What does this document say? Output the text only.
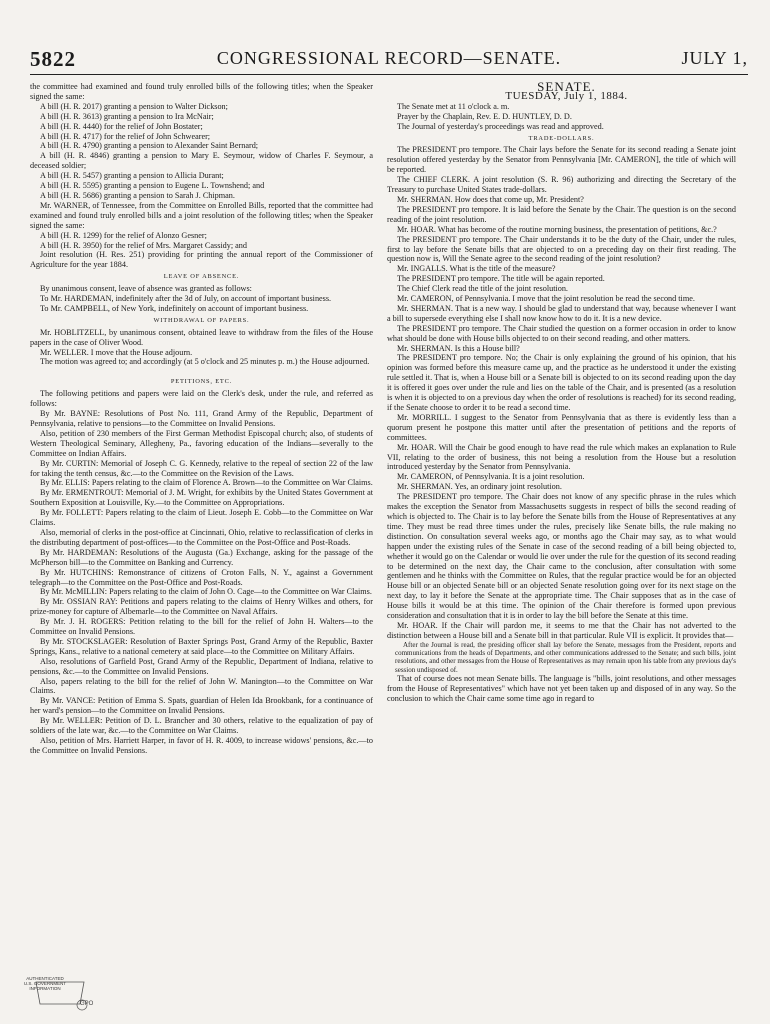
5822	CONGRESSIONAL RECORD—SENATE.	JULY 1,

the committee had examined and found truly enrolled bills of the following titles; when the Speaker signed the same:

A bill (H. R. 2017) granting a pension to Walter Dickson;

A bill (H. R. 3613) granting a pension to Ira McNair;

A bill (H. R. 4440) for the relief of John Bostater;

A bill (H. R. 4717) for the relief of John Schwearer;

A bill (H. R. 4790) granting a pension to Alexander Saint Bernard;

A bill (H. R. 4846) granting a pension to Mary E. Seymour, widow of Charles F. Seymour, a deceased soldier;

A bill (H. R. 5457) granting a pension to Allicia Durant;

A bill (H. R. 5595) granting a pension to Eugene L. Townshend; and

A bill (H. R. 5686) granting a pension to Sarah J. Chipman.

Mr. WARNER, of Tennessee, from the Committee on Enrolled Bills, reported that the committee had examined and found truly enrolled bills and a joint resolution of the following titles; when the Speaker signed the same:

A bill (H. R. 1299) for the relief of Alonzo Gesner;

A bill (H. R. 3950) for the relief of Mrs. Margaret Cassidy; and

Joint resolution (H. Res. 251) providing for printing the annual report of the Commissioner of Agriculture for the year 1884.

LEAVE OF ABSENCE.

By unanimous consent, leave of absence was granted as follows:

To Mr. HARDEMAN, indefinitely after the 3d of July, on account of important business.

To Mr. CAMPBELL, of New York, indefinitely on account of important business.

WITHDRAWAL OF PAPERS.

Mr. HOBLITZELL, by unanimous consent, obtained leave to withdraw from the files of the House papers in the case of Oliver Wood.

Mr. WELLER. I move that the House adjourn.

The motion was agreed to; and accordingly (at 5 o'clock and 25 minutes p. m.) the House adjourned.

PETITIONS, ETC.

The following petitions and papers were laid on the Clerk's desk, under the rule, and referred as follows:

By Mr. BAYNE: Resolutions of Post No. 111, Grand Army of the Republic, Department of Pennsylvania, relative to pensions—to the Committee on Invalid Pensions.

Also, petition of 230 members of the First German Methodist Episcopal church; also, of students of Western Theological Seminary, Allegheny, Pa., favoring education of the Indians—severally to the Committee on Indian Affairs.

By Mr. CURTIN: Memorial of Joseph C. G. Kennedy, relative to the repeal of section 22 of the law for taking the tenth census, &c.—to the Committee on the Revision of the Laws.

By Mr. ELLIS: Papers relating to the claim of Florence A. Brown—to the Committee on War Claims.

By Mr. ERMENTROUT: Memorial of J. M. Wright, for exhibits by the United States Government at Southern Exposition at Louisville, Ky.—to the Committee on Appropriations.

By Mr. FOLLETT: Papers relating to the claim of Lieut. Joseph E. Cobb—to the Committee on War Claims.

Also, memorial of clerks in the post-office at Cincinnati, Ohio, relative to reclassification of clerks in the distributing department of post-offices—to the Committee on the Post-Office and Post-Roads.

By Mr. HARDEMAN: Resolutions of the Augusta (Ga.) Exchange, asking for the passage of the McPherson bill—to the Committee on Banking and Currency.

By Mr. HUTCHINS: Remonstrance of citizens of Croton Falls, N. Y., against a Government telegraph—to the Committee on the Post-Office and Post-Roads.

By Mr. McMILLIN: Papers relating to the claim of John O. Cage—to the Committee on War Claims.

By Mr. OSSIAN RAY: Petitions and papers relating to the claims of Henry Wilkes and others, for prize-money for capture of Albemarle—to the Committee on Naval Affairs.

By Mr. J. H. ROGERS: Petition relating to the bill for the relief of John H. Walters—to the Committee on Invalid Pensions.

By Mr. STOCKSLAGER: Resolution of Baxter Springs Post, Grand Army of the Republic, Baxter Springs, Kans., relative to a national cemetery at said place—to the Committee on Military Affairs.

Also, resolutions of Garfield Post, Grand Army of the Republic, Department of Indiana, relative to pensions, &c.—to the Committee on Invalid Pensions.

Also, papers relating to the bill for the relief of John W. Manington—to the Committee on War Claims.

By Mr. VANCE: Petition of Emma S. Spats, guardian of Helen Ida Brookbank, for a continuance of her ward's pension—to the Committee on Invalid Pensions.

By Mr. WELLER: Petition of D. L. Brancher and 30 others, relative to the equalization of pay of soldiers of the late war, &c.—to the Committee on War Claims.

Also, petition of Mrs. Harriett Harper, in favor of H. R. 4009, to increase widows' pensions, &c.—to the Committee on Invalid Pensions.

SENATE.

TUESDAY, July 1, 1884.

The Senate met at 11 o'clock a. m.

Prayer by the Chaplain, Rev. E. D. HUNTLEY, D. D.

The Journal of yesterday's proceedings was read and approved.

TRADE-DOLLARS.

The PRESIDENT pro tempore. The Chair lays before the Senate for its second reading a Senate joint resolution offered yesterday by the Senator from Pennsylvania [Mr. CAMERON], the title of which will be reported.

The CHIEF CLERK. A joint resolution (S. R. 96) authorizing and directing the Secretary of the Treasury to purchase United States trade-dollars.

Mr. SHERMAN. How does that come up, Mr. President?

The PRESIDENT pro tempore. It is laid before the Senate by the Chair. The question is on the second reading of the joint resolution.

Mr. HOAR. What has become of the routine morning business, the presentation of petitions, &c.?

The PRESIDENT pro tempore. The Chair understands it to be the duty of the Chair, under the rules, first to lay before the Senate bills that are objected to on a preceding day on their first reading. The question now is, Will the Senate agree to the second reading of the joint resolution?

Mr. INGALLS. What is the title of the measure?

The PRESIDENT pro tempore. The title will be again reported.

The Chief Clerk read the title of the joint resolution.

Mr. CAMERON, of Pennsylvania. I move that the joint resolution be read the second time.

Mr. SHERMAN. That is a new way. I should be glad to understand that way, because whenever I want a bill to supersede everything else I shall now know how to do it. It is a new device.

The PRESIDENT pro tempore. The Chair studied the question on a former occasion in order to know what should be done with House bills objected to on their second reading, and other matters.

Mr. SHERMAN. Is this a House bill?

The PRESIDENT pro tempore. No; the Chair is only explaining the ground of his opinion, that his opinion was formed before this measure came up, and the practice as he understood it under the existing rule settled it. That is, when a House bill or a Senate bill is objected to on its second reading upon the day it is offered it goes over under the rule and lies on the table of the Chair, and is presented (as a resolution is when it is objected to on a previous day when the order of resolutions is reached) for its second reading, if the Senate choose to order it to be read a second time.

Mr. MORRILL. I suggest to the Senator from Pennsylvania that as there is evidently less than a quorum present he postpone this matter until after the presentation of petitions and the reports of committees.

Mr. HOAR. Will the Chair be good enough to have read the rule which makes an explanation to Rule VII, relating to the order of business, this not being a resolution from the House but a resolution introduced yesterday by the Senator from Pennsylvania.

Mr. CAMERON, of Pennsylvania. It is a joint resolution.

Mr. SHERMAN. Yes, an ordinary joint resolution.

The PRESIDENT pro tempore. The Chair does not know of any specific phrase in the rules which makes the exception the Senator from Massachusetts suggests in respect of bills the second reading of which is objected to. The Chair is to lay before the Senate bills from the House of Representatives at any time. They must be read three times under the rules, precisely like Senate bills, the rule making no distinction. On consultation several weeks ago, or months ago the Chair may say, as to what would happen under the existing rules of the Senate in case of the second reading of a bill being objected to, whether it would go on the Calendar or would lie over under the rule for the question of its second reading to be determined on the next day, the Chair came to the conclusion, after consultation with some gentlemen and he thinks with the Committee on Rules, that the regular practice would be for an objected House bill or an objected Senate bill or an objected Senate resolution going over for its next stage on the next day, to lay it before the Senate at the appropriate time. The Chair supposes that as in the case of House bills it would be at this time. The opinion of the Chair therefore is formed upon previous consideration and consultation that it is in order to lay the bill before the Senate at this time.

Mr. HOAR. If the Chair will pardon me, it seems to me that the Chair has not adverted to the distinction between a House bill and a Senate bill in that particular. Rule VII is explicit. It provides that—

After the Journal is read, the presiding officer shall lay before the Senate, messages from the President, reports and communications from the heads of Departments, and other communications addressed to the Senate; and such bills, joint resolutions, and other messages from the House of Representatives as may remain upon his table from any previous day's session undisposed of.

That of course does not mean Senate bills. The language is "bills, joint resolutions, and other messages from the House of Representatives" which have not yet been taken up and disposed of in any way. So the conclusion to which the Chair came some time ago in regard to

AUTHENTICATED
U.S. GOVERNMENT
INFORMATION
GPO
